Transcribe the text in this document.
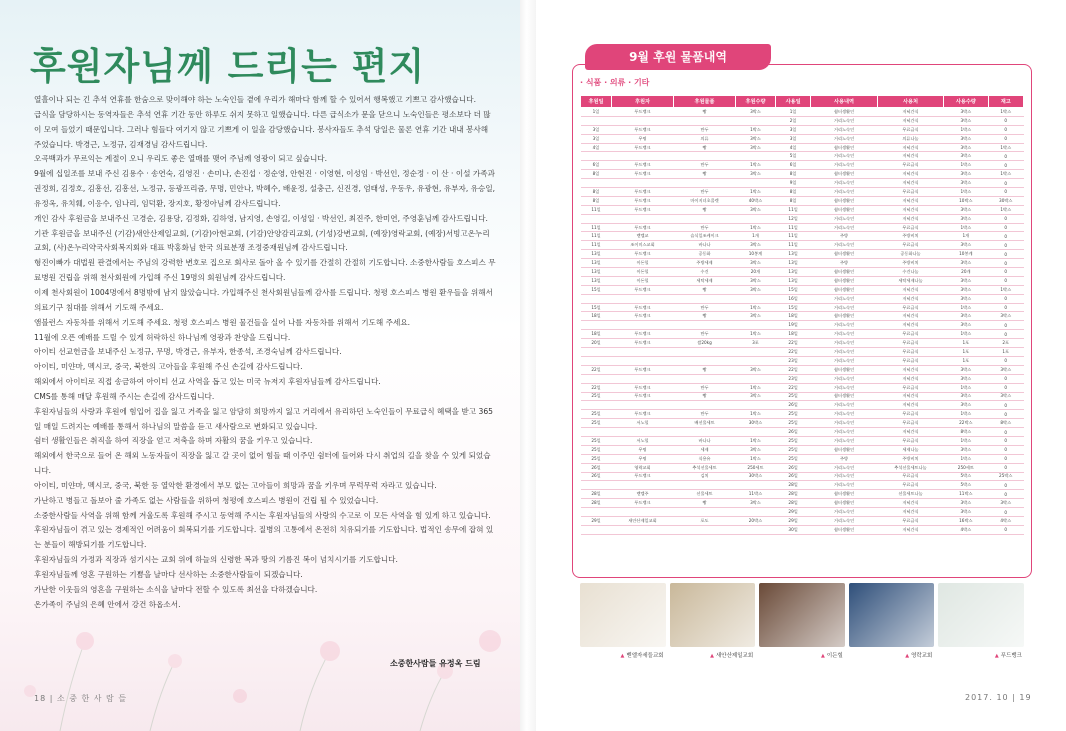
후원자님께 드리는 편지

열흘이나 되는 긴 추석 연휴를 한숨으로 맞이해야 하는 노숙인들 곁에 우리가 해마다 함께 할 수 있어서 행복했고 기쁘고 감사했습니다.

급식을 담당하시는 동역자들은 추석 연휴 기간 동안 하루도 쉬지 못하고 일했습니다. 다른 급식소가 문을 닫으니 노숙인들은 평소보다 더 많이 모여 들었기 때문입니다. 그러나 힘들다 여기지 않고 기쁘게 이 일을 감당했습니다. 봉사자들도 추석 당일은 물론 연휴 기간 내내 봉사해 주었습니다. 박경근, 노정규, 김재경님 감사드립니다.

오곡백과가 무르익는 계절이 오니 우리도 좋은 열매를 맺어 주님께 영광이 되고 싶습니다.

9월에 십일조를 보내 주신 김용수 · 송연숙, 김영진 · 손미나, 손진섭 · 정순영, 안현진 · 이영현, 이성임 · 박선인, 정순정 · 이 산 · 이설 가족과 권정희, 김정호, 김흥선, 김흥선, 노정규, 등광프리즘, 무명, 민안나, 박혜수, 배윤정, 설충근, 신진경, 엄태성, 우동우, 유광현, 유부자, 유승일, 유정옥, 유치훼, 이응수, 임나리, 임덕환, 장지호, 황정아님께 감사드립니다.

개인 감사 후원금을 보내주신 고경순, 김용당, 김정화, 김하영, 남지영, 손영길, 이성일 · 박선인, 최진주, 한미연, 주영훈님께 감사드립니다.

기관 후원금을 보내주신 (기감)새안산제일교회, (기감)아현교회, (기감)안양감리교회, (기성)강변교회, (예장)영락교회, (예장)서빙고온누리교회, (사)온누리약국사회복지회와 대표 박홍화님 한국 의료분쟁 조정중재원님께 감사드립니다.

형진이빠가 대법원 판결에서는 주님의 강력한 변호로 집으로 회사로 돌아 올 수 있기를 간절히 간절히 기도합니다. 소중한사람들 호스피스 무료병원 건립을 위해 천사회원에 가입해 주신 19명의 회원님께 감사드립니다.

이제 천사회원이 1004명에서 8명밖에 남지 않았습니다. 가입해주신 천사회원님들께 감사를 드립니다. 청평 호스피스 병원 환우들을 위해서 의료기구 침대를 위해서 기도해 주세요.

앰블런스 자동차를 위해서 기도해 주세요. 청평 호스피스 병원 물건들을 실어 나를 자동차를 위해서 기도해 주세요.

11월에 오픈 예배를 드릴 수 있게 허락하신 하나님께 영광과 찬양을 드립니다.

아이티 선교헌금을 보내주신 노정규, 무명, 박경근, 유부자, 한종석, 조경숙님께 감사드립니다.

아이티, 미얀마, 멕시코, 중국, 북한의 고아들을 후원해 주신 손길에 감사드립니다.

해외에서 아이티로 직접 송금하여 아이티 선교 사역을 돕고 있는 미국 뉴저지 후원자님들께 감사드립니다.

CMS를 통해 매달 후원해 주시는 손길에 감사드립니다.

후원자님들의 사랑과 후원에 힘입어 집을 잃고 거족을 잃고 암담히 희망까지 잃고 거리에서 유리하던 노숙인들이 무료급식 혜택을 받고 365일 매일 드려지는 예배를 통해서 하나님의 말씀을 듣고 새사람으로 변화되고 있습니다.

쉼터 생활인들은 취직을 하여 직장을 얻고 저축을 하며 자활의 꿈을 키우고 있습니다.

해외에서 한국으로 들어 온 해외 노동자들이 직장을 잃고 갈 곳이 없어 힘들 때 이주민 쉼터에 들어와 다시 취업의 길을 찾을 수 있게 되었습니다.

아이티, 미얀마, 멕시코, 중국, 북한 등 열악한 환경에서 부모 없는 고아들이 희망과 꿈을 키우며 무럭무럭 자라고 있습니다.

가난하고 병들고 돌보아 줄 가족도 없는 사람들을 위하여 청평에 호스피스 병원이 건립 될 수 있었습니다.

소중한사람들 사역을 위해 함께 겨울도록 후원해 주시고 동역해 주시는 후원자님들의 사랑의 수고로 이 모든 사역을 힘 있게 하고 있습니다.

후원자님들이 겪고 있는 경제적인 어려움이 회복되기를 기도합니다. 질병의 고통에서 온전히 치유되기를 기도합니다. 법적인 송무에 잡혀 있는 분들이 해방되기를 기도합니다.

후원자님들의 가정과 직장과 섬기시는 교회 위에 하늘의 신령한 복과 땅의 기름진 복이 넘치시기를 기도합니다.

후원자님들께 영혼 구원하는 기쁨을 날마다 선사하는 소중한사람들이 되겠습니다.

가난한 이웃들의 영혼을 구원하는 소식을 날마다 전할 수 있도록 최선을 다하겠습니다.

온가족이 주님의 은혜 안에서 강건 하옵소서.

소중한사람들 유정옥 드림
18 | 소 중 한 사 람 들
9월 후원 물품내역
· 식품 · 의류 · 기타
후원일	후원자	후원물품	후원수량	사용일	사용내역	사용처	사용수량	재고
1일	푸드뱅크	빵	3박스	1일	쉼터생활인	저녁간식	3박스	1박스
				2일	거리노숙인	저녁간식	3박스	0
3일	푸드뱅크	만두	1박스	3일	거리노숙인	무료급식	1박스	0
3일	무명	의류	3박스	3일	거리노숙인	의류나눔	3박스	0
4일	푸드뱅크	빵	3박스	4일	쉼터생활인	저녁간식	3박스	1박스
				5일	거리노숙인	저녁간식	3박스	0
6일	푸드뱅크	만두	1박스	6일	거리노숙인	무료급식	1박스	0
8일	푸드뱅크	빵	3박스	8일	쉼터생활인	저녁간식	3박스	1박스
				9일	거리노숙인	저녁간식	3박스	0
8일	푸드뱅크	만두	1박스	8일	거리노숙인	무료급식	1박스	0
8일	푸드뱅크	마이지녀초콜렛	40박스	8일	쉼터생활인	저녁간식	10박스	30박스
11일	푸드뱅크	빵	3박스	11일	쉼터생활인	저녁간식	3박스	1박스
				12일	거리노숙인	저녁간식	3박스	0
11일	푸드뱅크	만두	1박스	11일	거리노숙인	무료급식	1박스	0
11일	벧엘교	습식일조케이크	1개	11일	주방	주방비치	1개	0
11일	조이미스교회	바나나	3박스	11일	거리노숙인	무료급식	3박스	0
13일	푸드뱅크	공동화	10봉계	13일	쉼터생활인	공동화나눔	10봉계	0
13일	이든힐	주방세제	3박스	13일	주방	주방비치	3박스	0
13일	이든힐	수건	20개	13일	쉼터생활인	수건나눔	20개	0
13일	이든힐	세탁세제	3박스	13일	쉼터생활인	세탁세제나눔	3박스	0
15일	푸드뱅크	빵	3박스	15일	쉼터생활인	저녁간식	3박스	1박스
				16일	거리노숙인	저녁간식	3박스	0
15일	푸드뱅크	만두	1박스	15일	거리노숙인	무료급식	1박스	0
18일	푸드뱅크	빵	3박스	18일	쉼터생활인	저녁간식	3박스	3박스
				19일	거리노숙인	저녁간식	3박스	0
18일	푸드뱅크	만두	1박스	18일	거리노숙인	무료급식	1박스	0
20일	푸드뱅크	쌀20kg	3포	22일	거리노숙인	무료급식	1포	2포
				22일	거리노숙인	무료급식	1포	1포
				23일	거리노숙인	무료급식	1포	0
22일	푸드뱅크	빵	3박스	22일	쉼터생활인	저녁간식	3박스	3박스
				23일	거리노숙인	저녁간식	3박스	0
22일	푸드뱅크	만두	1박스	22일	거리노숙인	무료급식	1박스	0
25일	푸드뱅크	빵	3박스	25일	쉼터생활인	저녁간식	3박스	3박스
				26일	거리노숙인	저녁간식	3박스	0
25일	푸드뱅크	만두	1박스	25일	거리노숙인	무료급식	1박스	0
25일	서노힐	배선물세트	30박스	25일	거리노숙인	무료급식	22박스	8박스
				26일	거리노숙인	저녁간식	8박스	0
25일	서노힐	바나나	1박스	25일	거리노숙인	무료급식	1박스	0
25일	무명	세제	3박스	25일	쉼터생활인	세제나눔	3박스	0
25일	무명	식용유	1박스	25일	주방	주방비치	1박스	0
26일	영락교회	추석선물세트	250세트	26일	거리노숙인	추석선물세트나눔	250세트	0
26일	푸드뱅크	김치	30박스	26일	거리노숙인	무료급식	5박스	25박스
				28일	거리노숙인	무료급식	5박스	0
28일	벧엘주	선물세트	11박스	28일	쉼터생활인	선물세트나눔	11박스	0
28일	푸드뱅크	빵	3박스	28일	쉼터생활인	저녁간식	3박스	3박스
				29일	거리노숙인	저녁간식	3박스	0
29일	새안산제일교회	포도	20박스	29일	거리노숙인	무료급식	16박스	4박스
				30일	쉼터생활인	저녁간식	4박스	0
▲ 벧엘자세들교회	▲ 새안산제일교회	▲ 이든힐	▲ 영락교회	▲ 푸드뱅크
2017. 10 | 19
